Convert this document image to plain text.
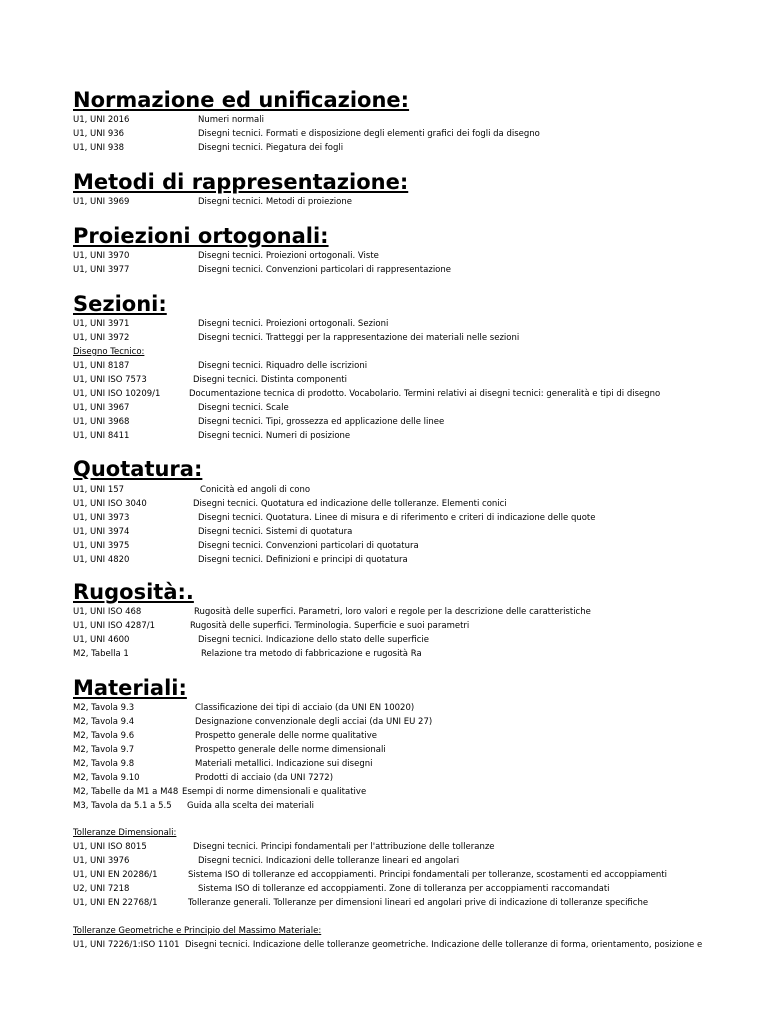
Normazione ed unificazione:
U1, UNI 2016	Numeri normali
U1, UNI 936	Disegni tecnici. Formati e disposizione degli elementi grafici dei fogli da disegno
U1, UNI 938	Disegni tecnici. Piegatura dei fogli
Metodi di rappresentazione:
U1, UNI 3969	Disegni tecnici. Metodi di proiezione
Proiezioni ortogonali:
U1, UNI 3970	Disegni tecnici. Proiezioni ortogonali. Viste
U1, UNI 3977	Disegni tecnici. Convenzioni particolari di rappresentazione
Sezioni:
U1, UNI 3971	Disegni tecnici. Proiezioni ortogonali. Sezioni
U1, UNI 3972	Disegni tecnici. Tratteggi per la rappresentazione dei materiali nelle sezioni
Disegno Tecnico:
U1, UNI 8187	Disegni tecnici. Riquadro delle iscrizioni
U1, UNI ISO 7573	Disegni tecnici. Distinta componenti
U1, UNI ISO 10209/1	Documentazione tecnica di prodotto. Vocabolario. Termini relativi ai disegni tecnici: generalità e tipi di disegno
U1, UNI 3967	Disegni tecnici. Scale
U1, UNI 3968	Disegni tecnici. Tipi, grossezza ed applicazione delle linee
U1, UNI 8411	Disegni tecnici. Numeri di posizione
Quotatura:
U1, UNI 157	Conicità ed angoli di cono
U1, UNI ISO 3040	Disegni tecnici. Quotatura ed indicazione delle tolleranze. Elementi conici
U1, UNI 3973	Disegni tecnici. Quotatura. Linee di misura e di riferimento e criteri di indicazione delle quote
U1, UNI 3974	Disegni tecnici. Sistemi di quotatura
U1, UNI 3975	Disegni tecnici. Convenzioni particolari di quotatura
U1, UNI 4820	Disegni tecnici. Definizioni e principi di quotatura
Rugosità:.
U1, UNI ISO 468	Rugosità delle superfici. Parametri, loro valori e regole per la descrizione delle caratteristiche
U1, UNI ISO 4287/1	Rugosità delle superfici. Terminologia. Superficie e suoi parametri
U1, UNI 4600	Disegni tecnici. Indicazione dello stato delle superficie
M2, Tabella 1	Relazione tra metodo di fabbricazione e rugosità Ra
Materiali:
M2, Tavola 9.3	Classificazione dei tipi di acciaio (da UNI EN 10020)
M2, Tavola 9.4	Designazione convenzionale degli acciai (da UNI EU 27)
M2, Tavola 9.6	Prospetto generale delle norme qualitative
M2, Tavola 9.7	Prospetto generale delle norme dimensionali
M2, Tavola 9.8	Materiali metallici. Indicazione sui disegni
M2, Tavola 9.10	Prodotti di acciaio (da UNI 7272)
M2, Tabelle da M1 a M48 Esempi di norme dimensionali e qualitative
M3, Tavola da 5.1 a 5.5 Guida alla scelta dei materiali
Tolleranze Dimensionali:
U1, UNI ISO 8015	Disegni tecnici. Principi fondamentali per l'attribuzione delle tolleranze
U1, UNI 3976	Disegni tecnici. Indicazioni delle tolleranze lineari ed angolari
U1, UNI EN 20286/1	Sistema ISO di tolleranze ed accoppiamenti. Principi fondamentali per tolleranze, scostamenti ed accoppiamenti
U2, UNI 7218	Sistema ISO di tolleranze ed accoppiamenti. Zone di tolleranza per accoppiamenti raccomandati
U1, UNI EN 22768/1	Tolleranze generali. Tolleranze per dimensioni lineari ed angolari prive di indicazione di tolleranze specifiche
Tolleranze Geometriche e Principio del Massimo Materiale:
U1, UNI 7226/1:ISO 1101 Disegni tecnici. Indicazione delle tolleranze geometriche. Indicazione delle tolleranze di forma, orientamento, posizione e
